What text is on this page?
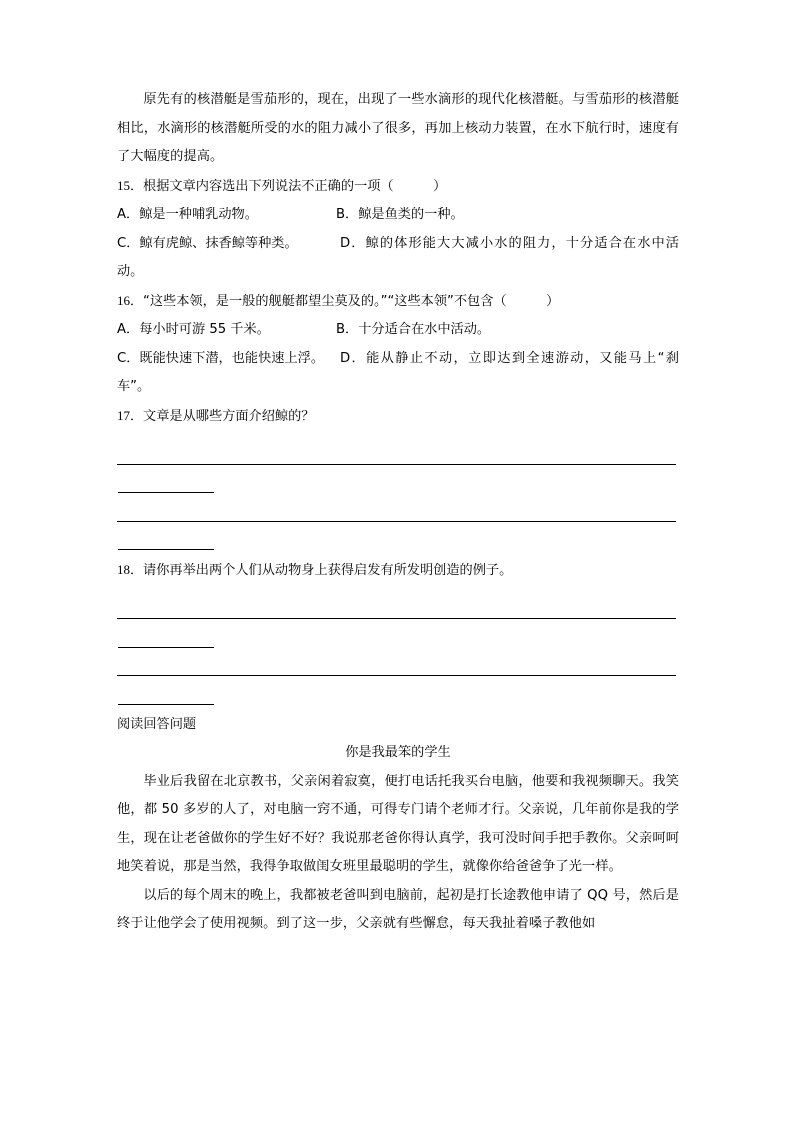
原先有的核潜艇是雪茄形的，现在，出现了一些水滴形的现代化核潜艇。与雪茄形的核潜艇相比，水滴形的核潜艇所受的水的阻力减小了很多，再加上核动力装置，在水下航行时，速度有了大幅度的提高。

15．根据文章内容选出下列说法不正确的一项（　　　）

A．鲸是一种哺乳动物。	B．鲸是鱼类的一种。

C．鲸有虎鲸、抹香鲸等种类。	D．鲸的体形能大大减小水的阻力，十分适合在水中活动。

16．“这些本领，是一般的舰艇都望尘莫及的。”“这些本领”不包含（　　　）

A．每小时可游 55 千米。	B．十分适合在水中活动。

C．既能快速下潜，也能快速上浮。 D．能从静止不动，立即达到全速游动，又能马上“刹车”。

17．文章是从哪些方面介绍鲸的？

18．请你再举出两个人们从动物身上获得启发有所发明创造的例子。

阅读回答问题

你是我最笨的学生

毕业后我留在北京教书，父亲闲着寂寞，便打电话托我买台电脑，他要和我视频聊天。我笑他，都 50 多岁的人了，对电脑一窍不通，可得专门请个老师才行。父亲说，几年前你是我的学生，现在让老爸做你的学生好不好？我说那老爸你得认真学，我可没时间手把手教你。父亲呵呵地笑着说，那是当然，我得争取做闺女班里最聪明的学生，就像你给爸爸争了光一样。

以后的每个周末的晚上，我都被老爸叫到电脑前，起初是打长途教他申请了 QQ 号，然后是终于让他学会了使用视频。到了这一步，父亲就有些懈怠，每天我扯着嗓子教他如
